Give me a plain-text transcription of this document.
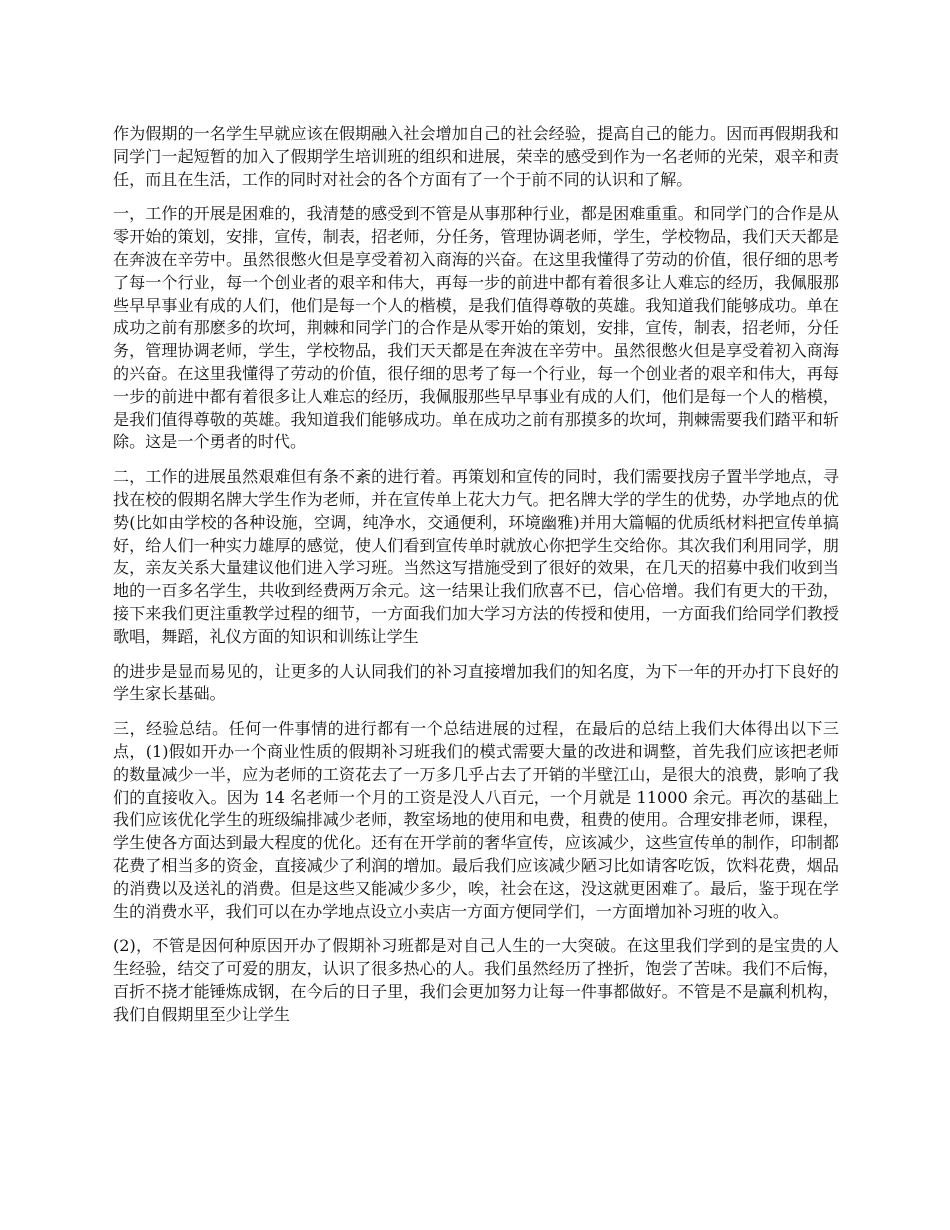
作为假期的一名学生早就应该在假期融入社会增加自己的社会经验，提高自己的能力。因而再假期我和同学门一起短暂的加入了假期学生培训班的组织和进展，荣幸的感受到作为一名老师的光荣，艰辛和责任，而且在生活，工作的同时对社会的各个方面有了一个于前不同的认识和了解。

一，工作的开展是困难的，我清楚的感受到不管是从事那种行业，都是困难重重。和同学门的合作是从零开始的策划，安排，宣传，制表，招老师，分任务，管理协调老师，学生，学校物品，我们天天都是在奔波在辛劳中。虽然很憋火但是享受着初入商海的兴奋。在这里我懂得了劳动的价值，很仔细的思考了每一个行业，每一个创业者的艰辛和伟大，再每一步的前进中都有着很多让人难忘的经历，我佩服那些早早事业有成的人们，他们是每一个人的楷模，是我们值得尊敬的英雄。我知道我们能够成功。单在成功之前有那麽多的坎坷，荆棘和同学门的合作是从零开始的策划，安排，宣传，制表，招老师，分任务，管理协调老师，学生，学校物品，我们天天都是在奔波在辛劳中。虽然很憋火但是享受着初入商海的兴奋。在这里我懂得了劳动的价值，很仔细的思考了每一个行业，每一个创业者的艰辛和伟大，再每一步的前进中都有着很多让人难忘的经历，我佩服那些早早事业有成的人们，他们是每一个人的楷模，是我们值得尊敬的英雄。我知道我们能够成功。单在成功之前有那摸多的坎坷，荆棘需要我们踏平和斩除。这是一个勇者的时代。

二，工作的进展虽然艰难但有条不紊的进行着。再策划和宣传的同时，我们需要找房子置半学地点，寻找在校的假期名牌大学生作为老师，并在宣传单上花大力气。把名牌大学的学生的优势，办学地点的优势(比如由学校的各种设施，空调，纯净水，交通便利，环境幽雅)并用大篇幅的优质纸材料把宣传单搞好，给人们一种实力雄厚的感觉，使人们看到宣传单时就放心你把学生交给你。其次我们利用同学，朋友，亲友关系大量建议他们进入学习班。当然这写措施受到了很好的效果，在几天的招募中我们收到当地的一百多名学生，共收到经费两万余元。这一结果让我们欣喜不已，信心倍增。我们有更大的干劲，接下来我们更注重教学过程的细节，一方面我们加大学习方法的传授和使用，一方面我们给同学们教授歌唱，舞蹈，礼仪方面的知识和训练让学生

的进步是显而易见的，让更多的人认同我们的补习直接增加我们的知名度，为下一年的开办打下良好的学生家长基础。

三，经验总结。任何一件事情的进行都有一个总结进展的过程，在最后的总结上我们大体得出以下三点，(1)假如开办一个商业性质的假期补习班我们的模式需要大量的改进和调整，首先我们应该把老师的数量减少一半，应为老师的工资花去了一万多几乎占去了开销的半壁江山，是很大的浪费，影响了我们的直接收入。因为 14 名老师一个月的工资是没人八百元，一个月就是 11000 余元。再次的基础上我们应该优化学生的班级编排减少老师，教室场地的使用和电费，租费的使用。合理安排老师，课程，学生使各方面达到最大程度的优化。还有在开学前的奢华宣传，应该减少，这些宣传单的制作，印制都花费了相当多的资金，直接减少了利润的增加。最后我们应该减少陋习比如请客吃饭，饮料花费，烟品的消费以及送礼的消费。但是这些又能减少多少，唉，社会在这，没这就更困难了。最后，鉴于现在学生的消费水平，我们可以在办学地点设立小卖店一方面方便同学们，一方面增加补习班的收入。

(2)，不管是因何种原因开办了假期补习班都是对自己人生的一大突破。在这里我们学到的是宝贵的人生经验，结交了可爱的朋友，认识了很多热心的人。我们虽然经历了挫折，饱尝了苦味。我们不后悔，百折不挠才能锤炼成钢，在今后的日子里，我们会更加努力让每一件事都做好。不管是不是赢利机构，我们自假期里至少让学生
